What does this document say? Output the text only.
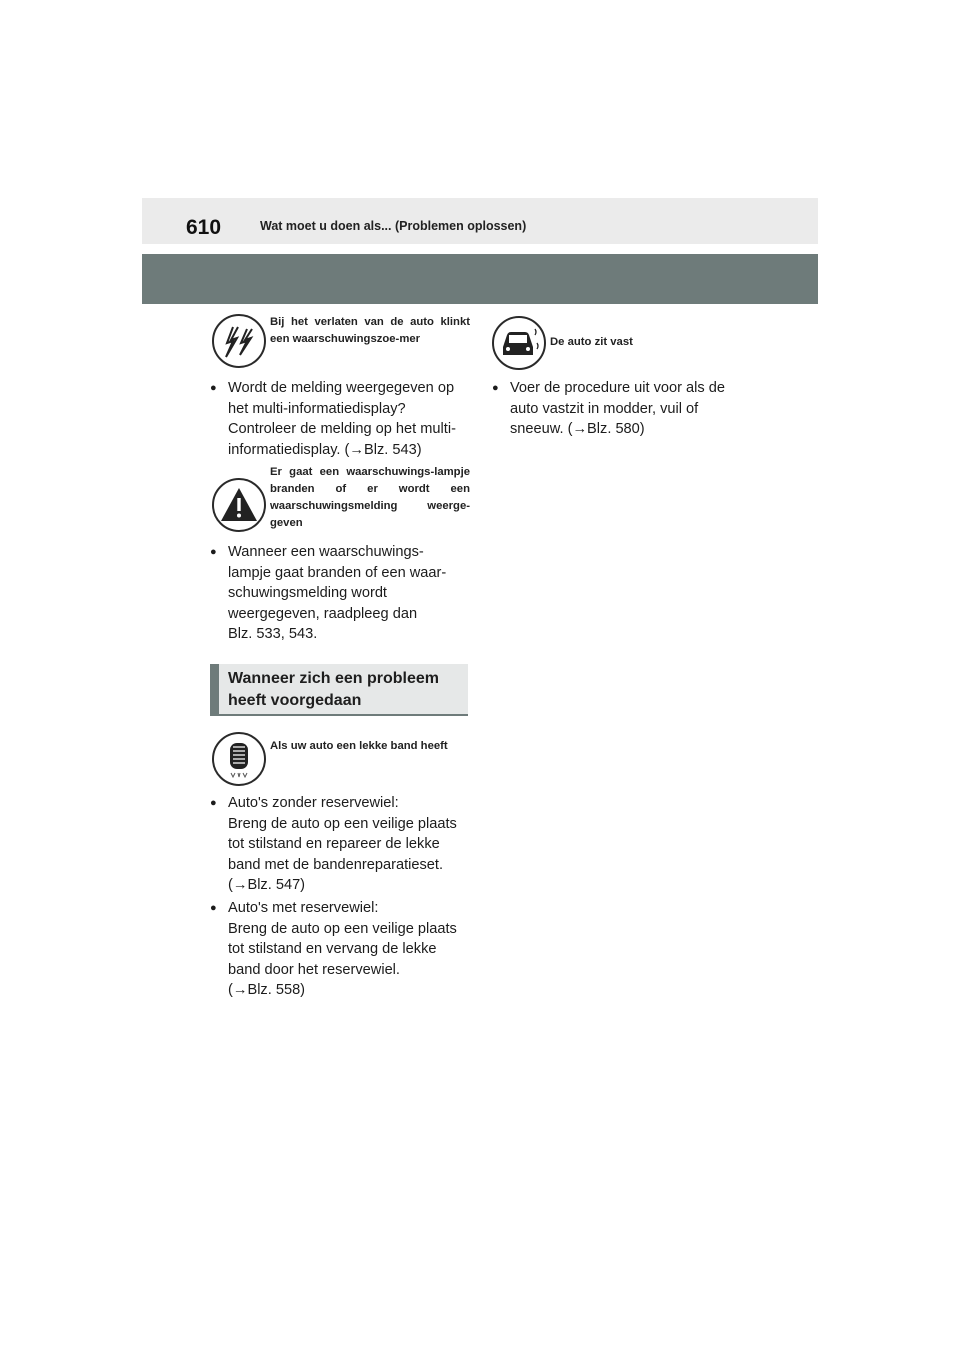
610	Wat moet u doen als... (Problemen oplossen)
Bij het verlaten van de auto klinkt een waarschuwingszoe-mer

● Wordt de melding weergegeven op
het multi-informatiedisplay?
Controleer de melding op het multi-
informatiedisplay. (→Blz. 543)

Er gaat een waarschuwings-lampje branden of er wordt een waarschuwingsmelding weerge-geven

● Wanneer een waarschuwings-
lampje gaat branden of een waar-
schuwingsmelding wordt
weergegeven, raadpleeg dan
Blz. 533, 543.

Wanneer zich een probleem heeft voorgedaan
Als uw auto een lekke band heeft

● Auto's zonder reservewiel:
Breng de auto op een veilige plaats
tot stilstand en repareer de lekke
band met de bandenreparatieset.
(→Blz. 547)

● Auto's met reservewiel:
Breng de auto op een veilige plaats
tot stilstand en vervang de lekke
band door het reservewiel.
(→Blz. 558)

De auto zit vast

● Voer de procedure uit voor als de
auto vastzit in modder, vuil of
sneeuw. (→Blz. 580)
